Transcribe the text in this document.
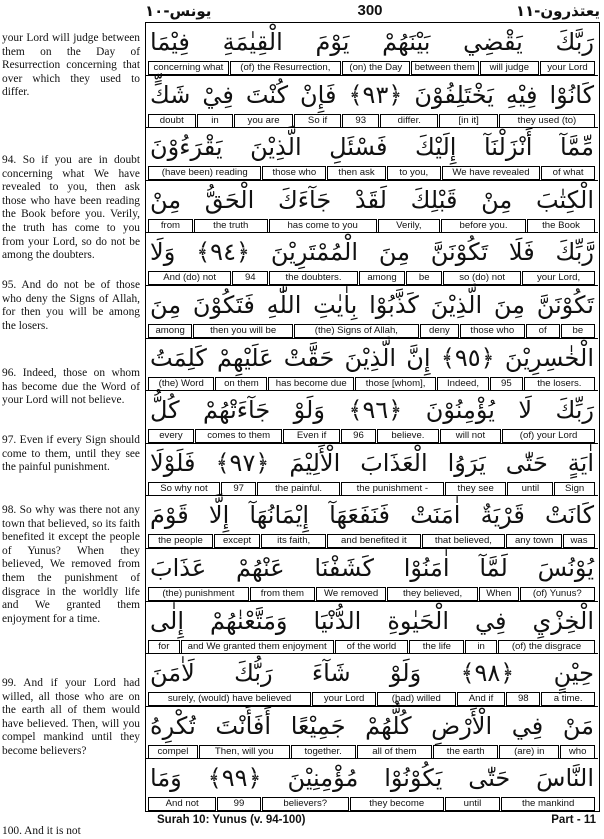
يعتذرون-١١
300
يونس-١٠
your Lord will judge between them on the Day of Resurrection concerning that over which they used to differ.
94. So if you are in doubt concerning what We have revealed to you, then ask those who have been reading the Book before you. Verily, the truth has come to you from your Lord, so do not be among the doubters.
95. And do not be of those who deny the Signs of Allah, for then you will be among the losers.
96. Indeed, those on whom has become due the Word of your Lord will not believe.
97. Even if every Sign should come to them, until they see the painful punishment.
98. So why was there not any town that believed, so its faith benefited it except the people of Yunus? When they believed, We removed from them the punishment of disgrace in the worldly life and We granted them enjoyment for a time.
99. And if your Lord had willed, all those who are on the earth all of them would have believed. Then, will you compel mankind until they become believers?
100. And it is not
رَبَّكَ يَقْضِي بَيْنَهُمْ يَوْمَ الْقِيٰمَةِ فِيْمَا
your Lord
will judge
between them
(on) the Day
(of) the Resurrection,
concerning what
كَانُوْا فِيْهِ يَخْتَلِفُوْنَ ﴿٩٣﴾ فَإِنْ كُنْتَ فِيْ شَكٍّ
they used (to)
[in it]
differ.
93
So if
you are
in
doubt
مِّمَّآ أَنْزَلْنَآ إِلَيْكَ فَسْئَلِ الَّذِيْنَ يَقْرَءُوْنَ
of what
We have revealed
to you,
then ask
those who
(have been) reading
الْكِتٰبَ مِنْ قَبْلِكَ لَقَدْ جَآءَكَ الْحَقُّ مِنْ
the Book
before you.
Verily,
has come to you
the truth
from
رَّبِّكَ فَلَا تَكُوْنَنَّ مِنَ الْمُمْتَرِيْنَ ﴿٩٤﴾ وَلَا
your Lord,
so (do) not
be
among
the doubters.
94
And (do) not
تَكُوْنَنَّ مِنَ الَّذِيْنَ كَذَّبُوْا بِاٰيٰتِ اللّٰهِ فَتَكُوْنَ مِنَ
be
of
those who
deny
(the) Signs of Allah,
then you will be
among
الْخٰسِرِيْنَ ﴿٩٥﴾ إِنَّ الَّذِيْنَ حَقَّتْ عَلَيْهِمْ كَلِمَتُ
the losers.
95
Indeed,
those [whom],
has become due
on them
(the) Word
رَبِّكَ لَا يُؤْمِنُوْنَ ﴿٩٦﴾ وَلَوْ جَآءَتْهُمْ كُلُّ
(of) your Lord
will not
believe.
96
Even if
comes to them
every
اٰيَةٍ حَتّٰى يَرَوُا الْعَذَابَ الْأَلِيْمَ ﴿٩٧﴾ فَلَوْلَا
Sign
until
they see
the punishment -
the painful.
97
So why not
كَانَتْ قَرْيَةٌ اٰمَنَتْ فَنَفَعَهَآ إِيْمَانُهَآ إِلَّا قَوْمَ
was
any town
that believed,
and benefited it
its faith,
except
the people
يُوْنُسَ لَمَّآ اٰمَنُوْا كَشَفْنَا عَنْهُمْ عَذَابَ
(of) Yunus?
When
they believed,
We removed
from them
(the) punishment
الْخِزْيِ فِي الْحَيٰوةِ الدُّنْيَا وَمَتَّعْنٰهُمْ إِلٰى
(of) the disgrace
in
the life
of the world
and We granted them enjoyment
for
حِيْنٍ ﴿٩٨﴾ وَلَوْ شَآءَ رَبُّكَ لَاٰمَنَ
a time.
98
And if
(had) willed
your Lord
surely, (would) have believed
مَنْ فِي الْأَرْضِ كُلُّهُمْ جَمِيْعًا أَفَأَنْتَ تُكْرِهُ
who
(are) in
the earth
all of them
together.
Then, will you
compel
النَّاسَ حَتّٰى يَكُوْنُوْا مُؤْمِنِيْنَ ﴿٩٩﴾ وَمَا
the mankind
until
they become
believers?
99
And not
Surah 10: Yunus (v. 94-100)	Part - 11
